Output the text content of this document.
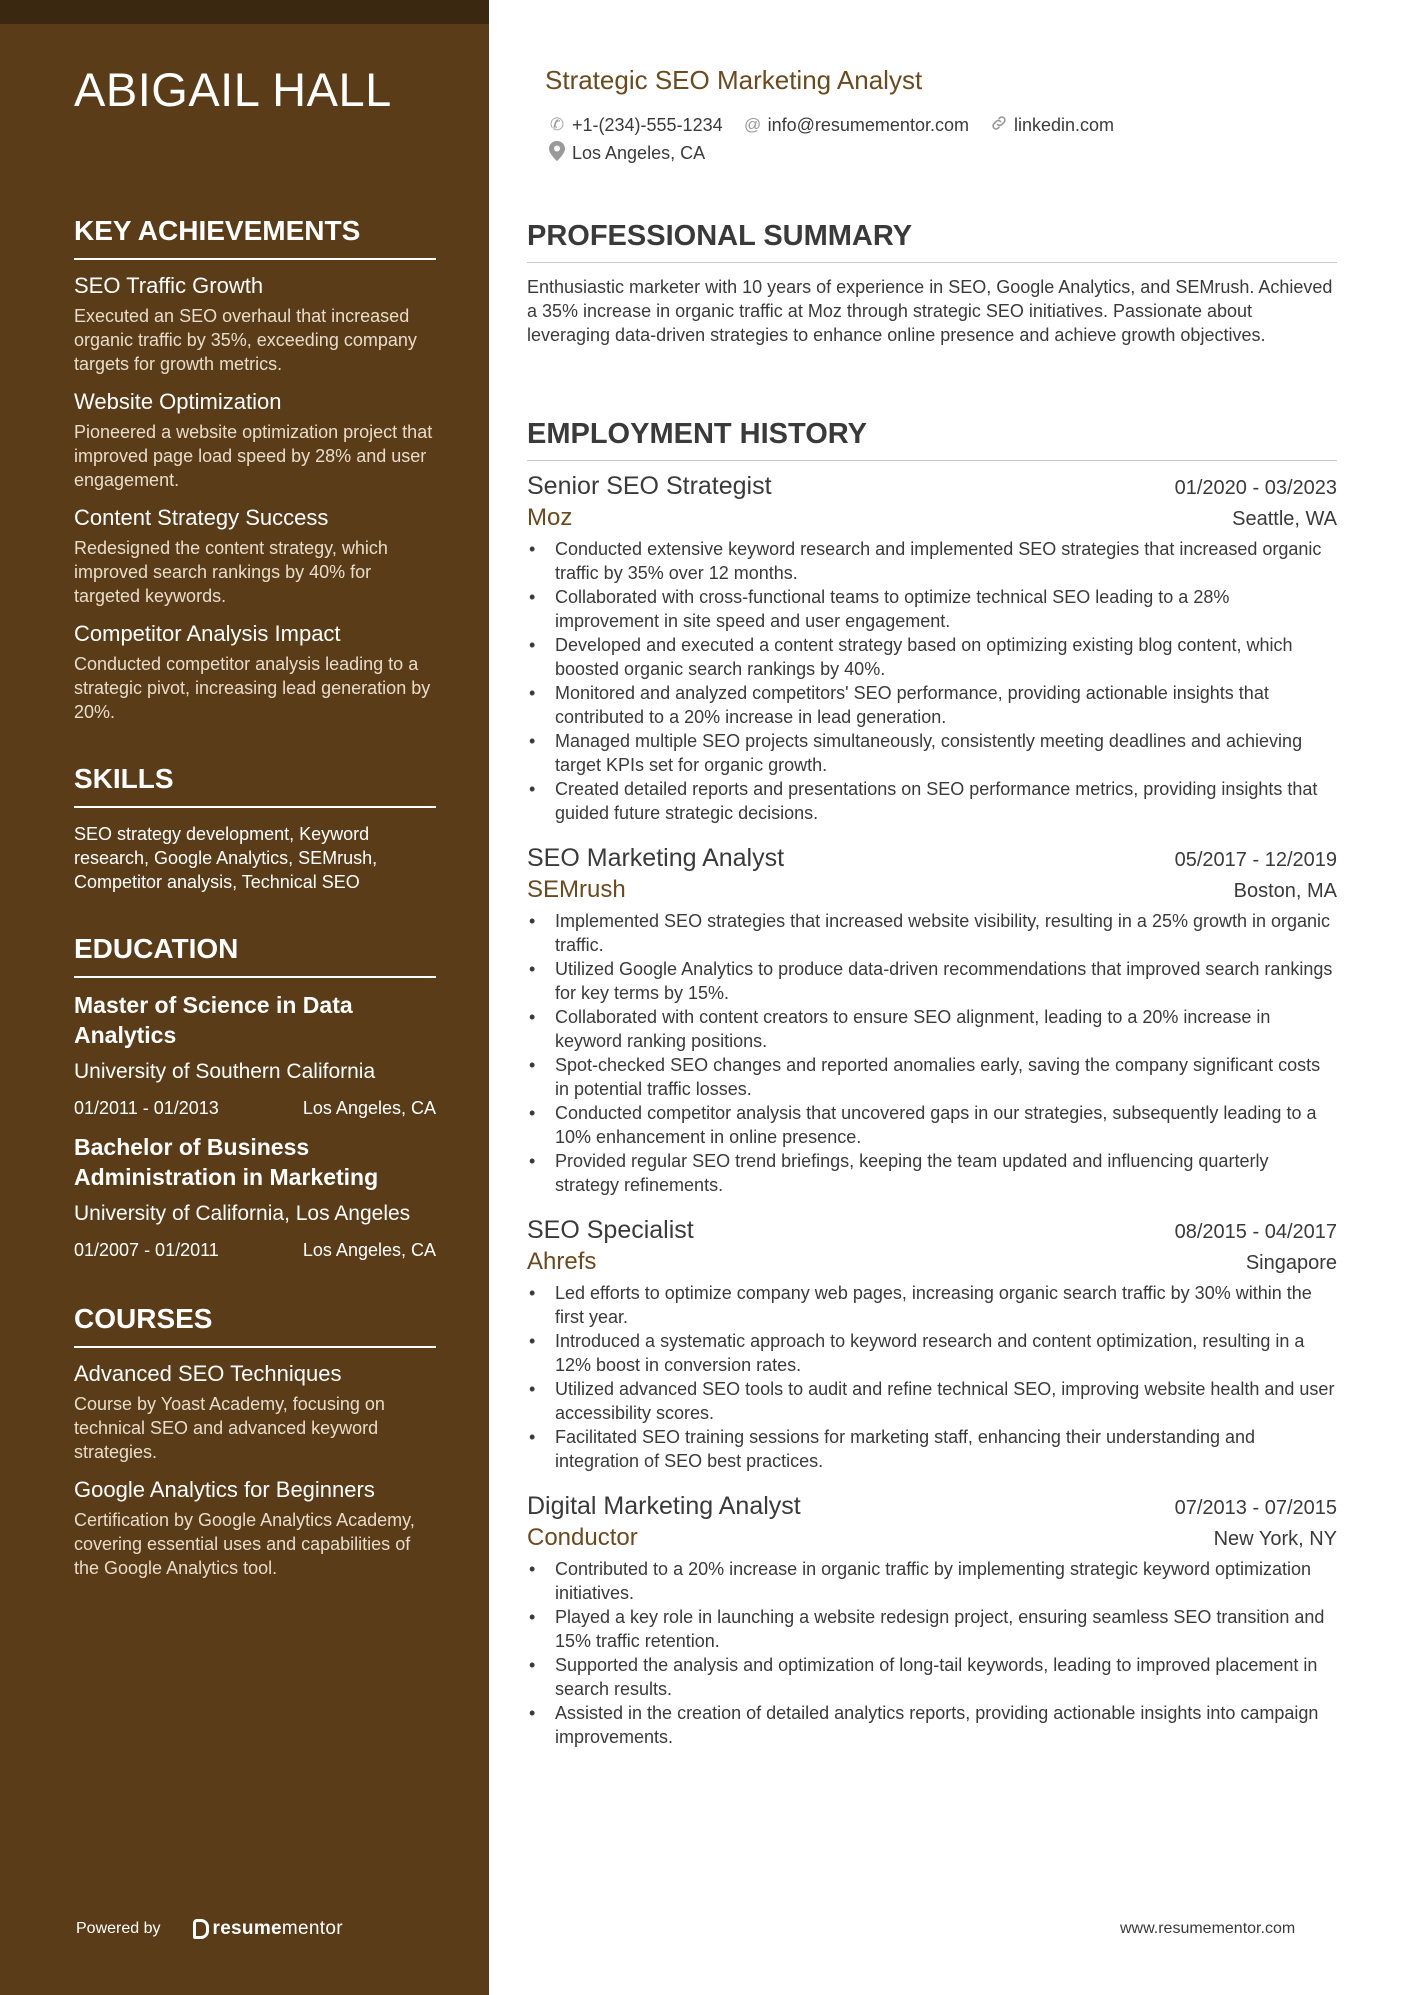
ABIGAIL HALL
KEY ACHIEVEMENTS
SEO Traffic Growth
Executed an SEO overhaul that increased organic traffic by 35%, exceeding company targets for growth metrics.
Website Optimization
Pioneered a website optimization project that improved page load speed by 28% and user engagement.
Content Strategy Success
Redesigned the content strategy, which improved search rankings by 40% for targeted keywords.
Competitor Analysis Impact
Conducted competitor analysis leading to a strategic pivot, increasing lead generation by 20%.
SKILLS
SEO strategy development, Keyword research, Google Analytics, SEMrush, Competitor analysis, Technical SEO
EDUCATION
Master of Science in Data Analytics
University of Southern California
01/2011 - 01/2013	Los Angeles, CA
Bachelor of Business Administration in Marketing
University of California, Los Angeles
01/2007 - 01/2011	Los Angeles, CA
COURSES
Advanced SEO Techniques
Course by Yoast Academy, focusing on technical SEO and advanced keyword strategies.
Google Analytics for Beginners
Certification by Google Analytics Academy, covering essential uses and capabilities of the Google Analytics tool.
Powered by	resume mentor
Strategic SEO Marketing Analyst
✆ +1-(234)-555-1234 @ info@resumementor.com	linkedin.com
Los Angeles, CA
PROFESSIONAL SUMMARY

Enthusiastic marketer with 10 years of experience in SEO, Google Analytics, and SEMrush. Achieved a 35% increase in organic traffic at Moz through strategic SEO initiatives. Passionate about leveraging data-driven strategies to enhance online presence and achieve growth objectives.

EMPLOYMENT HISTORY
Senior SEO Strategist	01/2020 - 03/2023
Moz	Seattle, WA
• Conducted extensive keyword research and implemented SEO strategies that increased organic traffic by 35% over 12 months.
• Collaborated with cross-functional teams to optimize technical SEO leading to a 28% improvement in site speed and user engagement.
• Developed and executed a content strategy based on optimizing existing blog content, which boosted organic search rankings by 40%.
• Monitored and analyzed competitors' SEO performance, providing actionable insights that contributed to a 20% increase in lead generation.
• Managed multiple SEO projects simultaneously, consistently meeting deadlines and achieving target KPIs set for organic growth.
• Created detailed reports and presentations on SEO performance metrics, providing insights that guided future strategic decisions.
SEO Marketing Analyst	05/2017 - 12/2019
SEMrush	Boston, MA
• Implemented SEO strategies that increased website visibility, resulting in a 25% growth in organic traffic.
• Utilized Google Analytics to produce data-driven recommendations that improved search rankings for key terms by 15%.
• Collaborated with content creators to ensure SEO alignment, leading to a 20% increase in keyword ranking positions.
• Spot-checked SEO changes and reported anomalies early, saving the company significant costs in potential traffic losses.
• Conducted competitor analysis that uncovered gaps in our strategies, subsequently leading to a 10% enhancement in online presence.
• Provided regular SEO trend briefings, keeping the team updated and influencing quarterly strategy refinements.
SEO Specialist	08/2015 - 04/2017
Ahrefs	Singapore
• Led efforts to optimize company web pages, increasing organic search traffic by 30% within the first year.
• Introduced a systematic approach to keyword research and content optimization, resulting in a 12% boost in conversion rates.
• Utilized advanced SEO tools to audit and refine technical SEO, improving website health and user accessibility scores.
• Facilitated SEO training sessions for marketing staff, enhancing their understanding and integration of SEO best practices.
Digital Marketing Analyst	07/2013 - 07/2015
Conductor	New York, NY
• Contributed to a 20% increase in organic traffic by implementing strategic keyword optimization initiatives.
• Played a key role in launching a website redesign project, ensuring seamless SEO transition and 15% traffic retention.
• Supported the analysis and optimization of long-tail keywords, leading to improved placement in search results.
• Assisted in the creation of detailed analytics reports, providing actionable insights into campaign improvements.
www.resumementor.com
